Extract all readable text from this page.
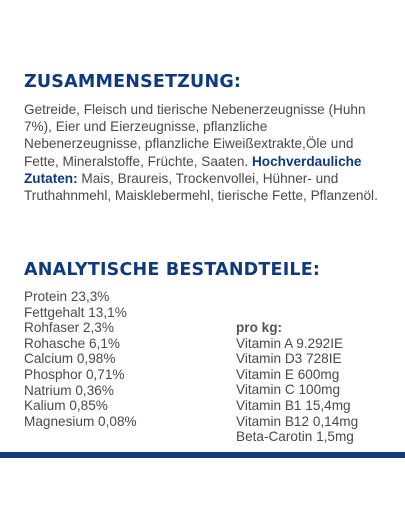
ZUSAMMENSETZUNG:
Getreide, Fleisch und tierische Nebenerzeugnisse (Huhn 7%), Eier und Eierzeugnisse, pflanzliche Nebenerzeugnisse, pflanzliche Eiweißextrakte,Öle und Fette, Mineralstoffe, Früchte, Saaten. Hochverdauliche Zutaten: Mais, Braureis, Trockenvollei, Hühner- und Truthahnmehl, Maisklebermehl, tierische Fette, Pflanzenöl.
ANALYTISCHE BESTANDTEILE:
Protein 23,3%
Fettgehalt 13,1%
Rohfaser 2,3%
Rohasche 6,1%
Calcium 0,98%
Phosphor 0,71%
Natrium 0,36%
Kalium 0,85%
Magnesium 0,08%
pro kg:
Vitamin A 9.292IE
Vitamin D3 728IE
Vitamin E 600mg
Vitamin C 100mg
Vitamin B1 15,4mg
Vitamin B12 0,14mg
Beta-Carotin 1,5mg
